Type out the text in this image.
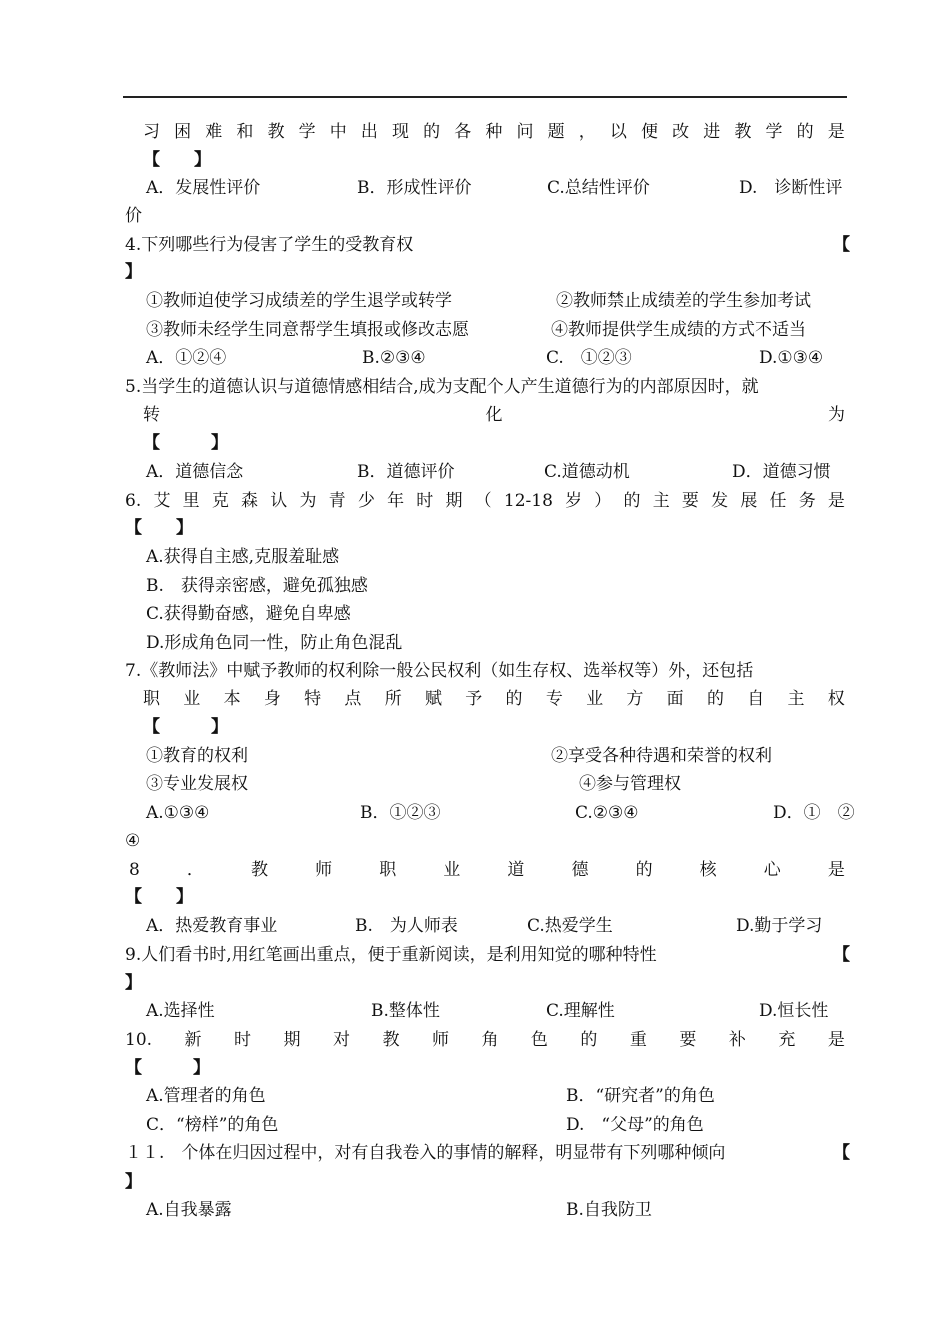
习 困 难 和 教 学 中 出 现 的 各 种 问 题 ， 以 便 改 进 教 学 的 是
【　　】
A．发展性评价	B．形成性评价	C.总结性评价	D.　诊断性评
价
4.下列哪些行为侵害了学生的受教育权	【
】
①教师迫使学习成绩差的学生退学或转学	②教师禁止成绩差的学生参加考试
③教师未经学生同意帮学生填报或修改志愿	④教师提供学生成绩的方式不适当
A．①②④	B.②③④	C.　①②③	D.①③④
5.当学生的道德认识与道德情感相结合,成为支配个人产生道德行为的内部原因时，就
转	化	为
【　　　】
A．道德信念	B．道德评价	C.道德动机	D．道德习惯
6. 艾 里 克 森 认 为 青 少 年 时 期 （ 12-18 岁 ） 的 主 要 发 展 任 务 是
【　　】
A.获得自主感,克服羞耻感
B.　获得亲密感，避免孤独感
C.获得勤奋感，避免自卑感
D.形成角色同一性，防止角色混乱
7.《教师法》中赋予教师的权利除一般公民权利（如生存权、选举权等）外，还包括
职 业 本 身 特 点 所 赋 予 的 专 业 方 面 的 自 主 权
【　　　】
①教育的权利	②享受各种待遇和荣誉的权利
③专业发展权	④参与管理权
A.①③④	B．①②③	C.②③④	D．①　②
④
8	．	教	师	职	业	道	德	的	核	心	是
【　　】
A．热爱教育事业	B.　为人师表	C.热爱学生	D.勤于学习
9.人们看书时,用红笔画出重点，便于重新阅读，是利用知觉的哪种特性	【
】
A.选择性	B.整体性	C.理解性	D.恒长性
10. 新 时 期 对 教 师 角 色 的 重 要 补 充 是
【　　　】
A.管理者的角色	B．“研究者”的角色
C．“榜样”的角色	D.　“父母”的角色
１１.　个体在归因过程中，对有自我卷入的事情的解释，明显带有下列哪种倾向	【
】
A.自我暴露	B.自我防卫
